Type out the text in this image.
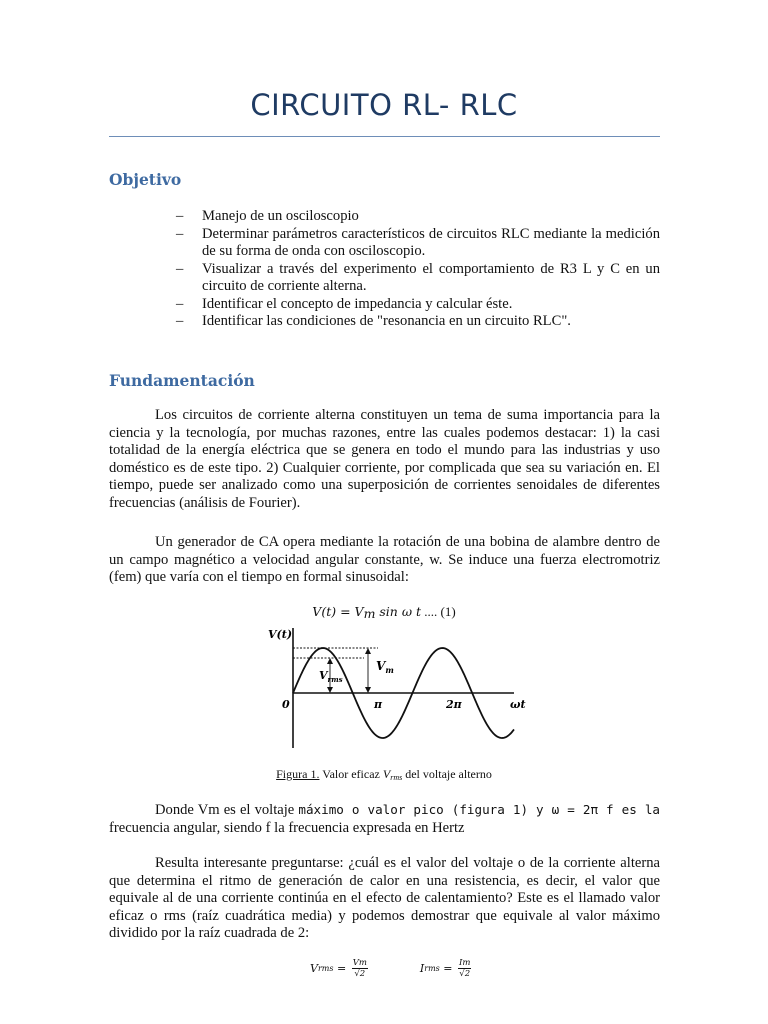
CIRCUITO RL- RLC
Objetivo
– Manejo de un osciloscopio
– Determinar parámetros característicos de circuitos RLC mediante la medición de su forma de onda con osciloscopio.
– Visualizar a través del experimento el comportamiento de R3 L y C en un circuito de corriente alterna.
– Identificar el concepto de impedancia y calcular éste.
– Identificar las condiciones de "resonancia en un circuito RLC".
Fundamentación

Los circuitos de corriente alterna constituyen un tema de suma importancia para la ciencia y la tecnología, por muchas razones, entre las cuales podemos destacar: 1) la casi totalidad de la energía eléctrica que se genera en todo el mundo para las industrias y uso doméstico es de este tipo. 2) Cualquier corriente, por complicada que sea su variación en. El tiempo, puede ser analizado como una superposición de corrientes senoidales de diferentes frecuencias (análisis de Fourier).

Un generador de CA opera mediante la rotación de una bobina de alambre dentro de un campo magnético a velocidad angular constante, w. Se induce una fuerza electromotriz (fem) que varía con el tiempo en formal sinusoidal:

V(t) = Vm sin ω t .... (1)
V(t)
0
$V_m$
$V_{rms}$
π	2π	ωt
Figura 1. Valor eficaz $V_{rms}$ del voltaje alterno

Donde Vm es el voltaje máximo o valor pico (figura 1) y ω = 2π f es la frecuencia angular, siendo f la frecuencia expresada en Hertz

Resulta interesante preguntarse: ¿cuál es el valor del voltaje o de la corriente alterna que determina el ritmo de generación de calor en una resistencia, es decir, el valor que equivale al de una corriente continúa en el efecto de calentamiento? Este es el llamado valor eficaz o rms (raíz cuadrática media) y podemos demostrar que equivale al valor máximo dividido por la raíz cuadrada de 2:

V rms = $\frac{Vm}{√2}$	I rms = $\frac{Im}{√2}$
